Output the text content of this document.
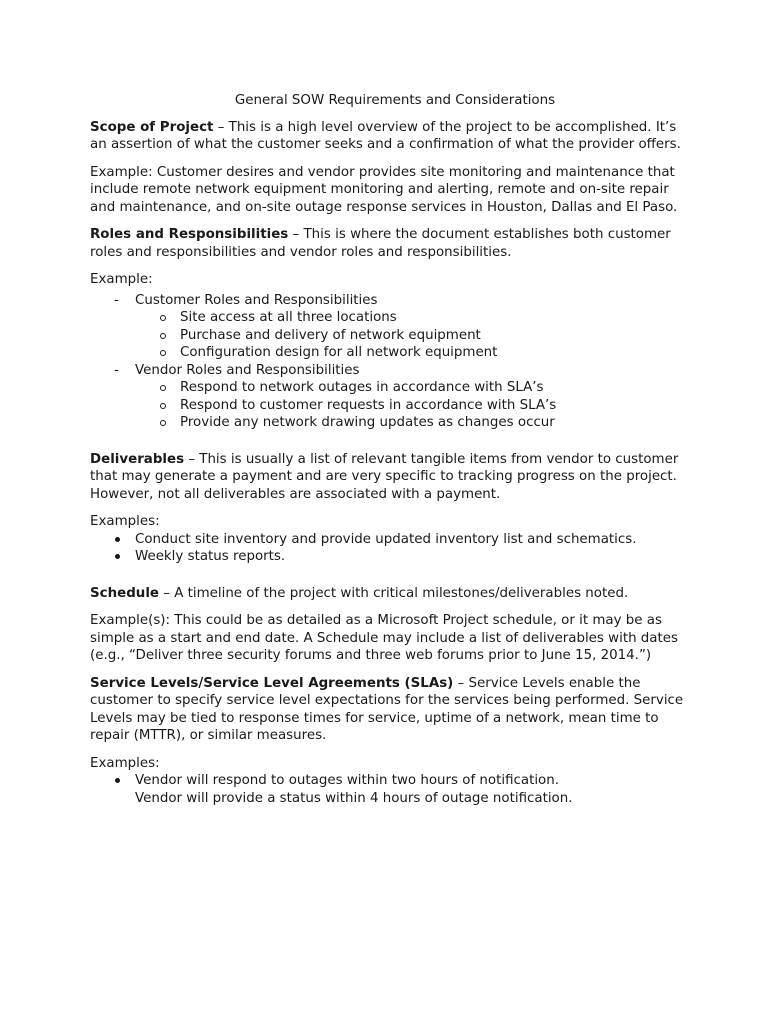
General SOW Requirements and Considerations

Scope of Project – This is a high level overview of the project to be accomplished. It’s an assertion of what the customer seeks and a confirmation of what the provider offers.

Example: Customer desires and vendor provides site monitoring and maintenance that include remote network equipment monitoring and alerting, remote and on-site repair and maintenance, and on-site outage response services in Houston, Dallas and El Paso.

Roles and Responsibilities – This is where the document establishes both customer roles and responsibilities and vendor roles and responsibilities.

Example:

- Customer Roles and Responsibilities
Site access at all three locations
Purchase and delivery of network equipment
Configuration design for all network equipment
- Vendor Roles and Responsibilities
Respond to network outages in accordance with SLA’s
Respond to customer requests in accordance with SLA’s
Provide any network drawing updates as changes occur

Deliverables – This is usually a list of relevant tangible items from vendor to customer that may generate a payment and are very specific to tracking progress on the project. However, not all deliverables are associated with a payment.

Examples:

Conduct site inventory and provide updated inventory list and schematics.
Weekly status reports.

Schedule – A timeline of the project with critical milestones/deliverables noted.

Example(s): This could be as detailed as a Microsoft Project schedule, or it may be as simple as a start and end date. A Schedule may include a list of deliverables with dates (e.g., “Deliver three security forums and three web forums prior to June 15, 2014.”)

Service Levels/Service Level Agreements (SLAs) – Service Levels enable the customer to specify service level expectations for the services being performed. Service Levels may be tied to response times for service, uptime of a network, mean time to repair (MTTR), or similar measures.

Examples:

Vendor will respond to outages within two hours of notification.

Vendor will provide a status within 4 hours of outage notification.
